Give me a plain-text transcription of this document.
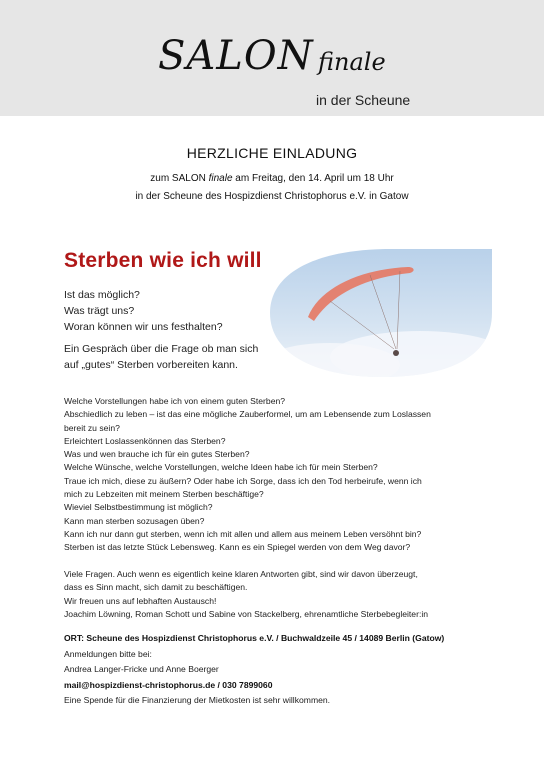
SALON finale
in der Scheune
HERZLICHE EINLADUNG
zum SALON finale am Freitag, den 14. April um 18 Uhr
in der Scheune des Hospizdienst Christophorus e.V. in Gatow
Sterben wie ich will
Ist das möglich?
Was trägt uns?
Woran können wir uns festhalten?
Ein Gespräch über die Frage ob man sich
auf „gutes“ Sterben vorbereiten kann.
Welche Vorstellungen habe ich von einem guten Sterben?
Abschiedlich zu leben – ist das eine mögliche Zauberformel, um am Lebensende zum Loslassen
bereit zu sein?
Erleichtert Loslassenkönnen das Sterben?
Was und wen brauche ich für ein gutes Sterben?
Welche Wünsche, welche Vorstellungen, welche Ideen habe ich für mein Sterben?
Traue ich mich, diese zu äußern? Oder habe ich Sorge, dass ich den Tod herbeirufe, wenn ich
mich zu Lebzeiten mit meinem Sterben beschäftige?
Wieviel Selbstbestimmung ist möglich?
Kann man sterben sozusagen üben?
Kann ich nur dann gut sterben, wenn ich mit allen und allem aus meinem Leben versöhnt bin?
Sterben ist das letzte Stück Lebensweg. Kann es ein Spiegel werden von dem Weg davor?
Viele Fragen. Auch wenn es eigentlich keine klaren Antworten gibt, sind wir davon überzeugt,
dass es Sinn macht, sich damit zu beschäftigen.
Wir freuen uns auf lebhaften Austausch!
Joachim Löwning, Roman Schott und Sabine von Stackelberg, ehrenamtliche Sterbebegleiter:in
ORT: Scheune des Hospizdienst Christophorus e.V. / Buchwaldzeile 45 / 14089 Berlin (Gatow)
Anmeldungen bitte bei:
Andrea Langer-Fricke und Anne Boerger
mail@hospizdienst-christophorus.de / 030 7899060
Eine Spende für die Finanzierung der Mietkosten ist sehr willkommen.
